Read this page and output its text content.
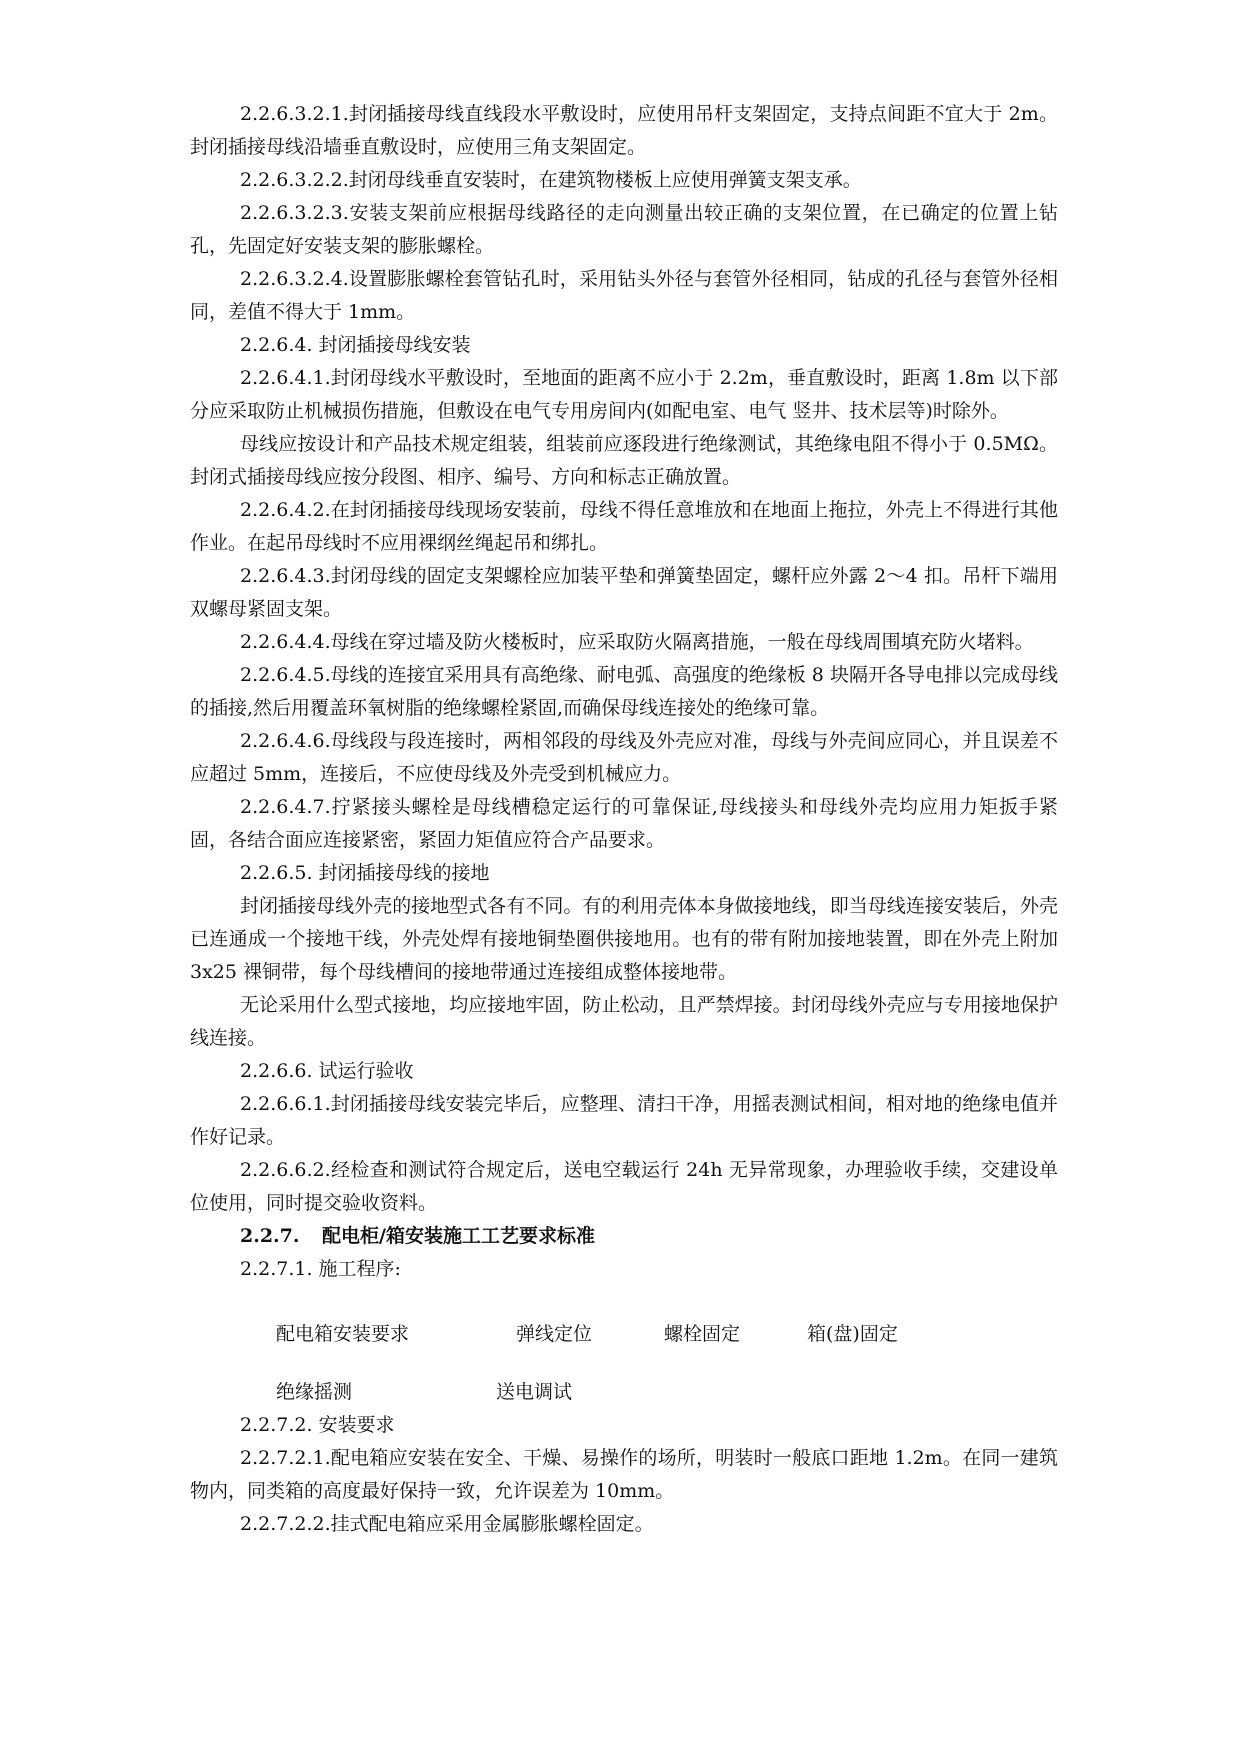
2.2.6.3.2.1.封闭插接母线直线段水平敷设时，应使用吊杆支架固定，支持点间距不宜大于 2m。封闭插接母线沿墙垂直敷设时，应使用三角支架固定。

2.2.6.3.2.2.封闭母线垂直安装时，在建筑物楼板上应使用弹簧支架支承。

2.2.6.3.2.3.安装支架前应根据母线路径的走向测量出较正确的支架位置，在已确定的位置上钻孔，先固定好安装支架的膨胀螺栓。

2.2.6.3.2.4.设置膨胀螺栓套管钻孔时，采用钻头外径与套管外径相同，钻成的孔径与套管外径相同，差值不得大于 1mm。

2.2.6.4. 封闭插接母线安装

2.2.6.4.1.封闭母线水平敷设时，至地面的距离不应小于 2.2m，垂直敷设时，距离 1.8m 以下部分应采取防止机械损伤措施，但敷设在电气专用房间内(如配电室、电气 竖井、技术层等)时除外。

母线应按设计和产品技术规定组装，组装前应逐段进行绝缘测试，其绝缘电阻不得小于 0.5MΩ。封闭式插接母线应按分段图、相序、编号、方向和标志正确放置。

2.2.6.4.2.在封闭插接母线现场安装前，母线不得任意堆放和在地面上拖拉，外壳上不得进行其他作业。在起吊母线时不应用裸纲丝绳起吊和绑扎。

2.2.6.4.3.封闭母线的固定支架螺栓应加装平垫和弹簧垫固定，螺杆应外露 2～4 扣。吊杆下端用双螺母紧固支架。

2.2.6.4.4.母线在穿过墙及防火楼板时，应采取防火隔离措施，一般在母线周围填充防火堵料。

2.2.6.4.5.母线的连接宜采用具有高绝缘、耐电弧、高强度的绝缘板 8 块隔开各导电排以完成母线的插接,然后用覆盖环氧树脂的绝缘螺栓紧固,而确保母线连接处的绝缘可靠。

2.2.6.4.6.母线段与段连接时，两相邻段的母线及外壳应对准，母线与外壳间应同心，并且误差不应超过 5mm，连接后，不应使母线及外壳受到机械应力。

2.2.6.4.7.拧紧接头螺栓是母线槽稳定运行的可靠保证,母线接头和母线外壳均应用力矩扳手紧固，各结合面应连接紧密，紧固力矩值应符合产品要求。

2.2.6.5. 封闭插接母线的接地

封闭插接母线外壳的接地型式各有不同。有的利用壳体本身做接地线，即当母线连接安装后，外壳已连通成一个接地干线，外壳处焊有接地铜垫圈供接地用。也有的带有附加接地装置，即在外壳上附加 3x25 裸铜带，每个母线槽间的接地带通过连接组成整体接地带。

无论采用什么型式接地，均应接地牢固，防止松动，且严禁焊接。封闭母线外壳应与专用接地保护线连接。

2.2.6.6. 试运行验收

2.2.6.6.1.封闭插接母线安装完毕后，应整理、清扫干净，用摇表测试相间，相对地的绝缘电值并作好记录。

2.2.6.6.2.经检查和测试符合规定后，送电空载运行 24h 无异常现象，办理验收手续，交建设单位使用，同时提交验收资料。

2.2.7. 配电柜/箱安装施工工艺要求标准

2.2.7.1. 施工程序:

配电箱安装要求	弹线定位	螺栓固定	箱(盘)固定
绝缘摇测	送电调试

2.2.7.2. 安装要求

2.2.7.2.1.配电箱应安装在安全、干燥、易操作的场所，明装时一般底口距地 1.2m。在同一建筑物内，同类箱的高度最好保持一致，允许误差为 10mm。

2.2.7.2.2.挂式配电箱应采用金属膨胀螺栓固定。
